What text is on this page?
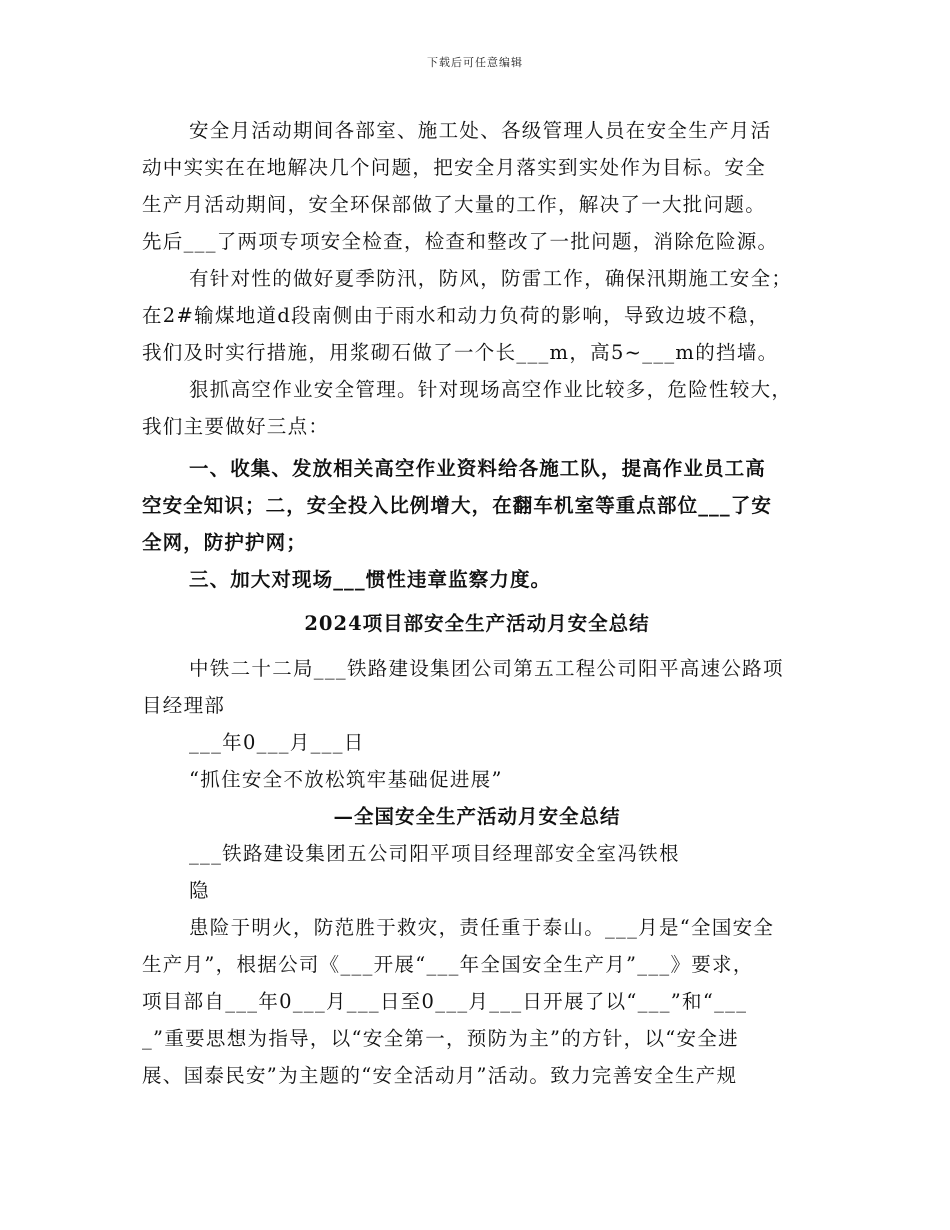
下载后可任意编辑
安全月活动期间各部室、施工处、各级管理人员在安全生产月活
动中实实在在地解决几个问题，把安全月落实到实处作为目标。安全
生产月活动期间，安全环保部做了大量的工作，解决了一大批问题。
先后___了两项专项安全检查，检查和整改了一批问题，消除危险源。
有针对性的做好夏季防汛，防风，防雷工作，确保汛期施工安全；
在2#输煤地道d段南侧由于雨水和动力负荷的影响，导致边坡不稳，
我们及时实行措施，用浆砌石做了一个长___m，高5~___m的挡墙。
狠抓高空作业安全管理。针对现场高空作业比较多，危险性较大，
我们主要做好三点：
一、收集、发放相关高空作业资料给各施工队，提高作业员工高
空安全知识；二，安全投入比例增大，在翻车机室等重点部位___了安
全网，防护护网；
三、加大对现场___惯性违章监察力度。
2024项目部安全生产活动月安全总结
中铁二十二局___铁路建设集团公司第五工程公司阳平高速公路项
目经理部
___年0___月___日
“抓住安全不放松筑牢基础促进展”
—全国安全生产活动月安全总结
___铁路建设集团五公司阳平项目经理部安全室冯铁根
隐
患险于明火，防范胜于救灾，责任重于泰山。___月是“全国安全
生产月”，根据公司《___开展“___年全国安全生产月”___》要求，
项目部自___年0___月___日至0___月___日开展了以“___”和“___
_”重要思想为指导，以“安全第一，预防为主”的方针，以“安全进
展、国泰民安”为主题的“安全活动月”活动。致力完善安全生产规
